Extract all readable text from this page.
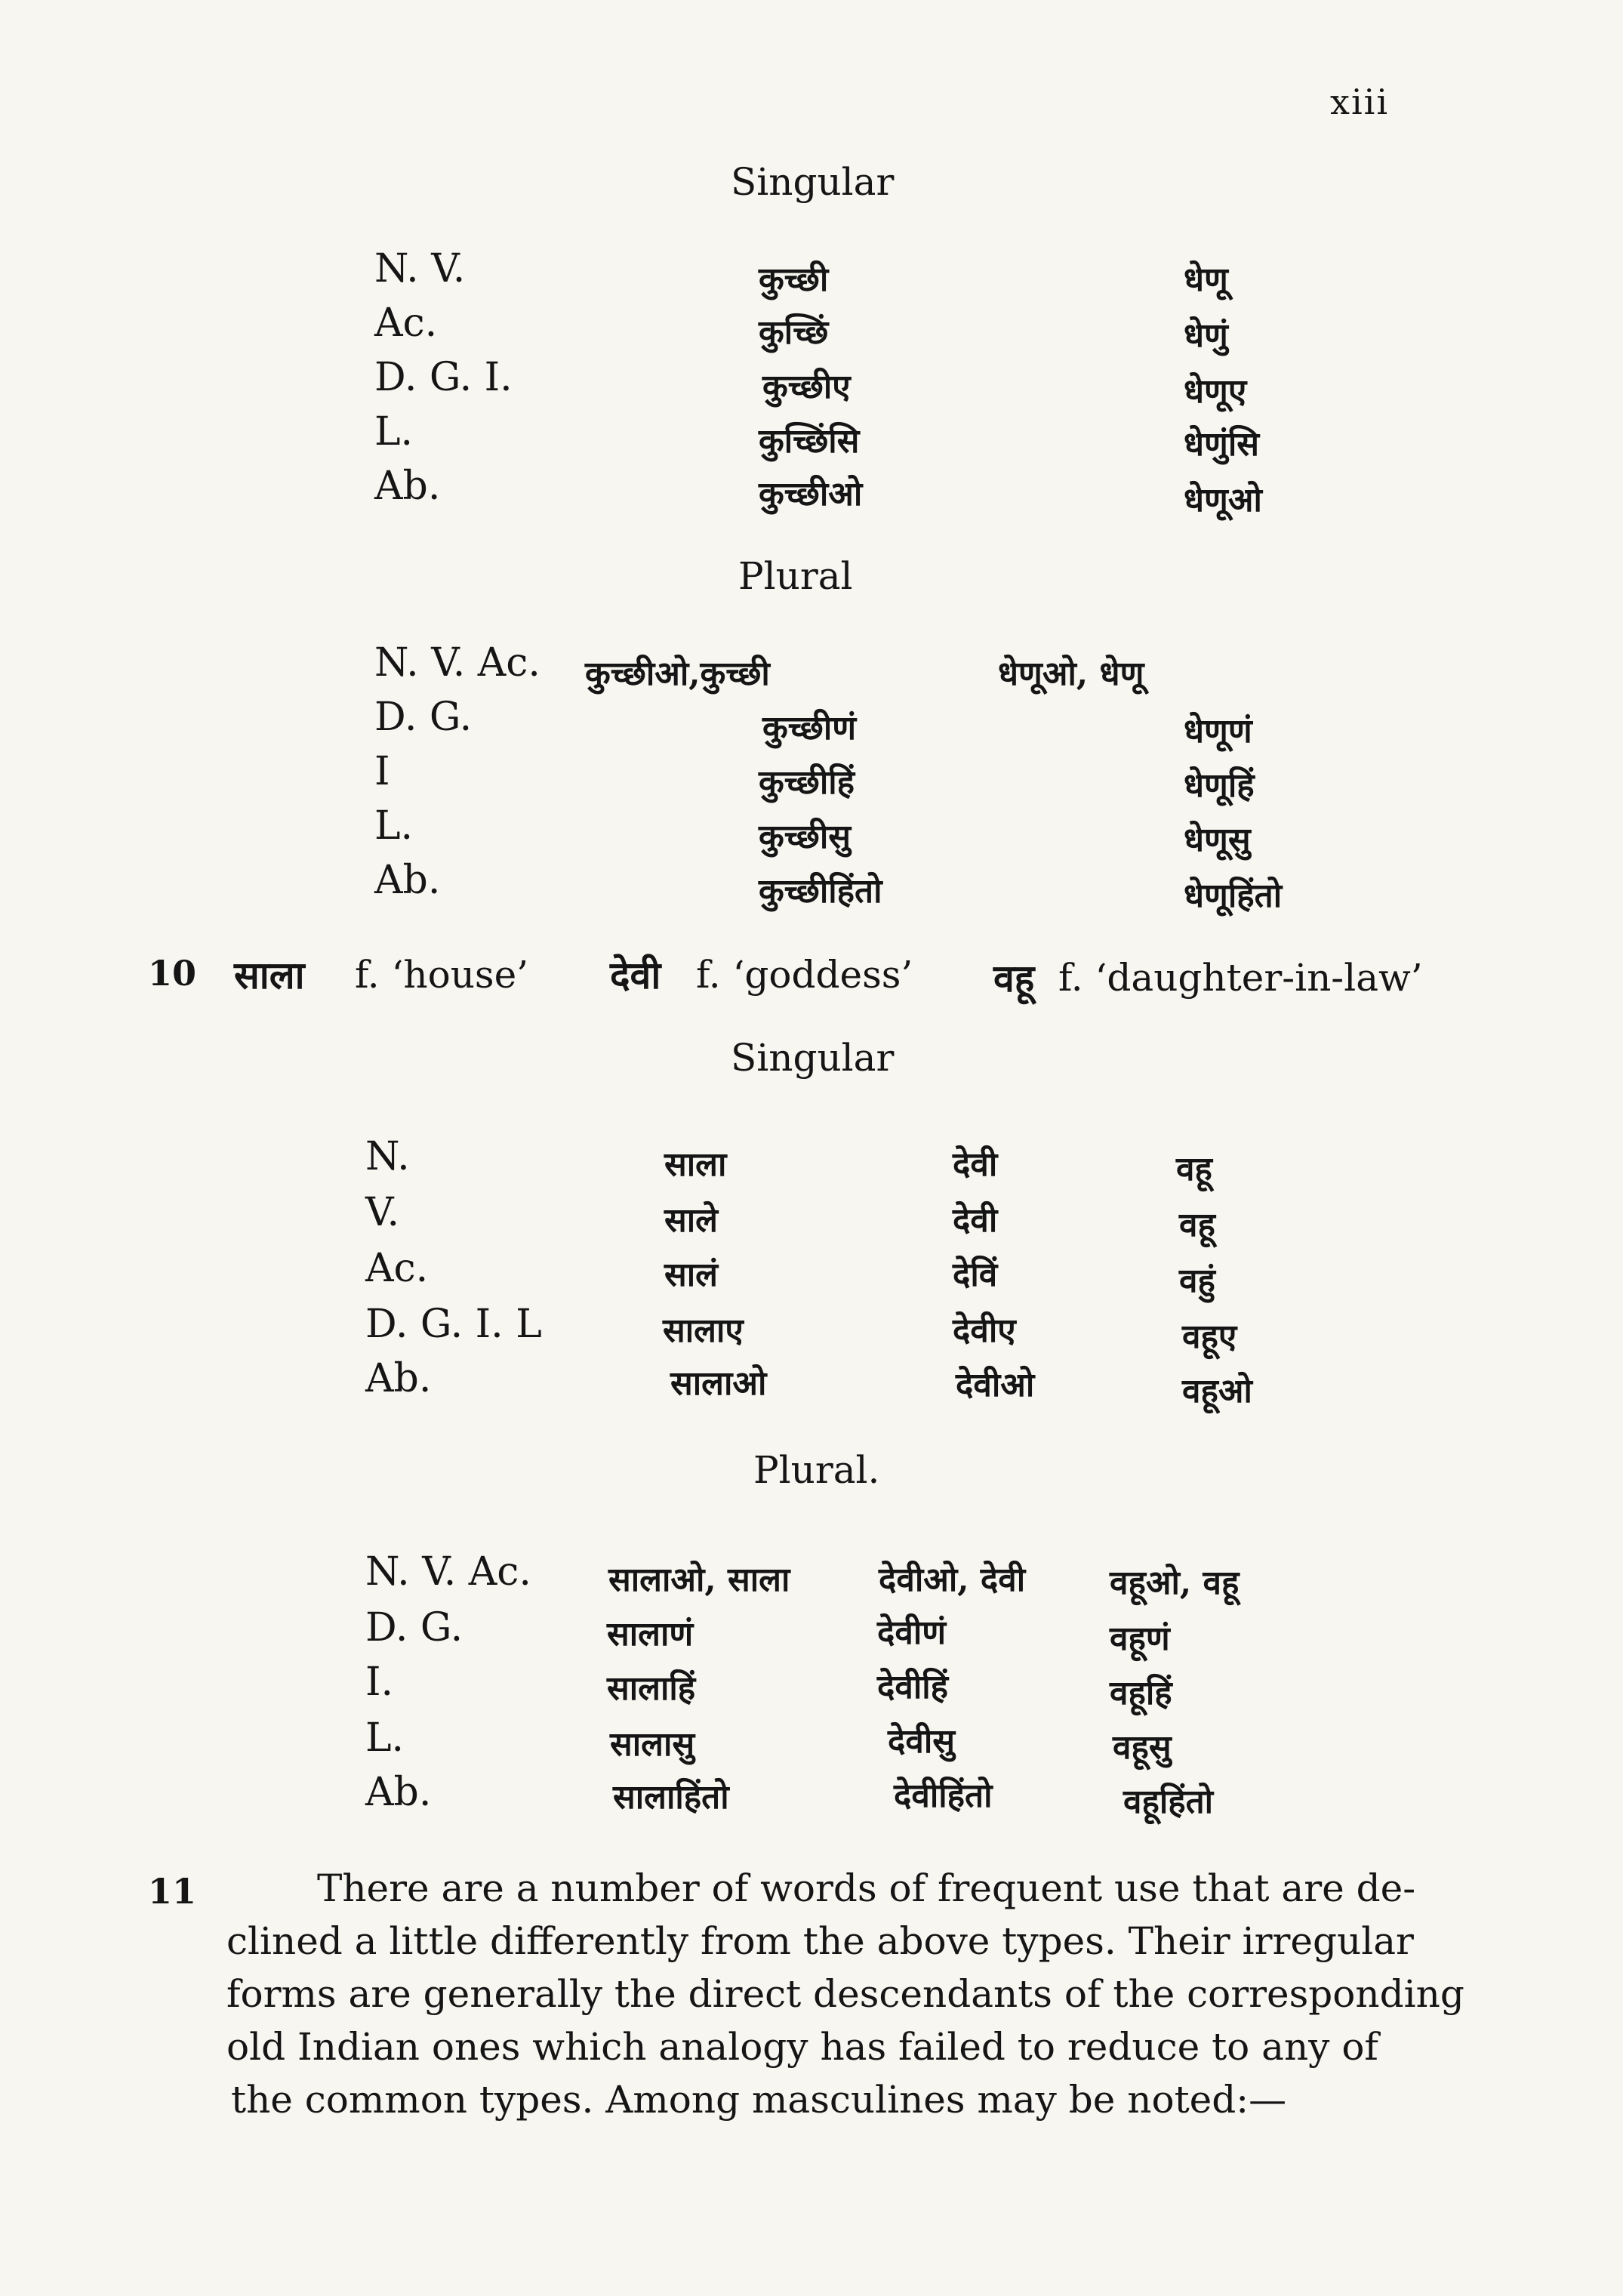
xiii
Singular
N. V.	कुच्छी	धेणू
Ac.	कुच्छिं	धेणुं
D. G. I.	कुच्छीए	धेणूए
L.	कुच्छिंसि	धेणुंसि
Ab.	कुच्छीओ	धेणूओ
Plural
N. V. Ac. कुच्छीओ,कुच्छी	धेणूओ, धेणू
D. G.	कुच्छीणं	धेणूणं
I	कुच्छीहिं	धेणूहिं
L.	कुच्छीसु	धेणूसु
Ab.	कुच्छीहिंतो	धेणूहिंतो
10 साला f. ‘house’ देवी f. ‘goddess’ वहू f. ‘daughter-in-law’
Singular
N.	साला	देवी	वहू
V.	साले	देवी	वहू
Ac.	सालं	देविं	वहुं
D. G. I. L	सालाए	देवीए	वहूए
Ab.	सालाओ	देवीओ	वहूओ
Plural.
N. V. Ac. सालाओ, साला	देवीओ, देवी	वहूओ, वहू
D. G.	सालाणं	देवीणं	वहूणं
I.	सालाहिं	देवीहिं	वहूहिं
L.	सालासु	देवीसु	वहूसु
Ab.	सालाहिंतो	देवीहिंतो	वहूहिंतो
11	There are a number of words of frequent use that are de-
clined a little differently from the above types. Their irregular
forms are generally the direct descendants of the corresponding
old Indian ones which analogy has failed to reduce to any of
the common types. Among masculines may be noted:—
